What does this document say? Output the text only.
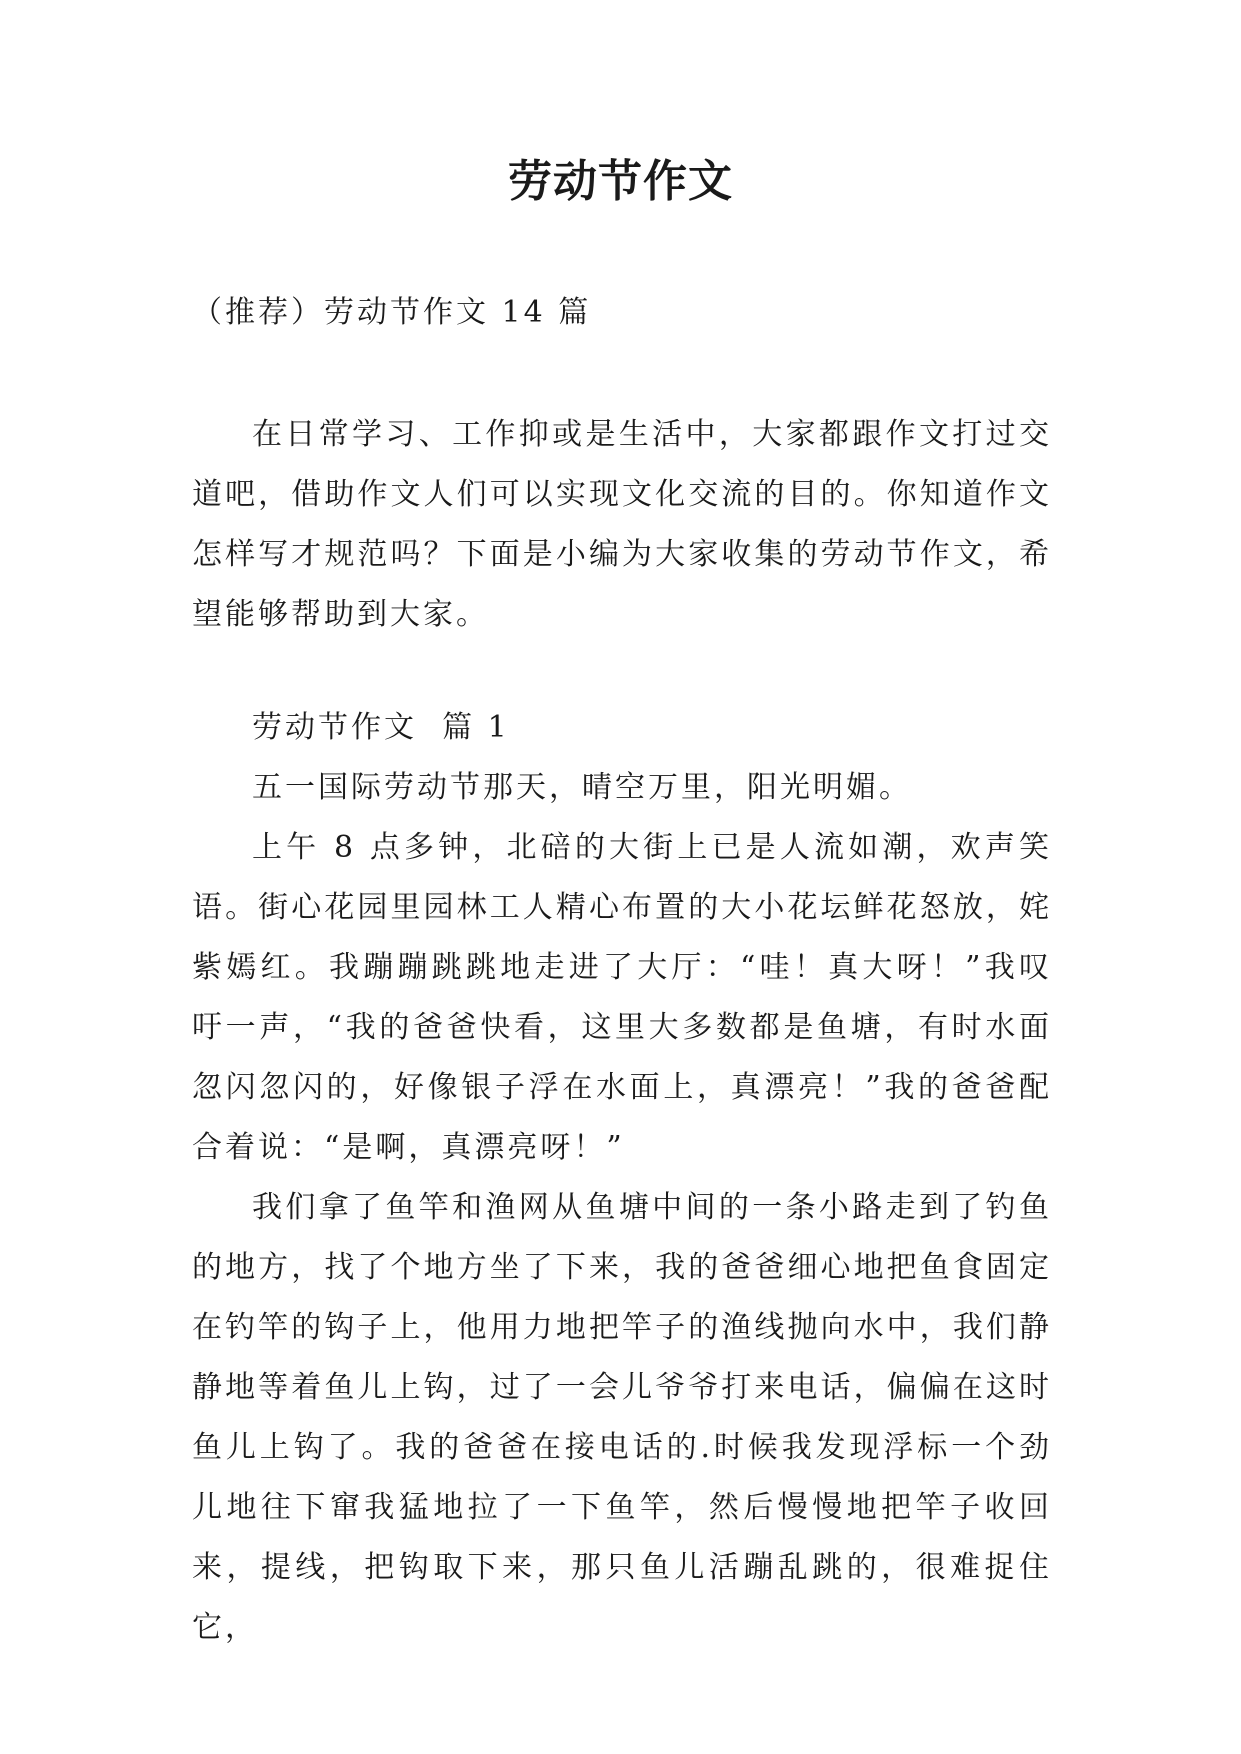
劳动节作文
（推荐）劳动节作文 14 篇

在日常学习、工作抑或是生活中，大家都跟作文打过交道吧，借助作文人们可以实现文化交流的目的。你知道作文怎样写才规范吗？下面是小编为大家收集的劳动节作文，希望能够帮助到大家。

劳动节作文  篇 1

五一国际劳动节那天，晴空万里，阳光明媚。

上午 8 点多钟，北碚的大街上已是人流如潮，欢声笑语。街心花园里园林工人精心布置的大小花坛鲜花怒放，姹紫嫣红。我蹦蹦跳跳地走进了大厅：“哇！真大呀！”我叹吁一声，“我的爸爸快看，这里大多数都是鱼塘，有时水面忽闪忽闪的，好像银子浮在水面上，真漂亮！”我的爸爸配合着说：“是啊，真漂亮呀！”

我们拿了鱼竿和渔网从鱼塘中间的一条小路走到了钓鱼的地方，找了个地方坐了下来，我的爸爸细心地把鱼食固定在钓竿的钩子上，他用力地把竿子的渔线抛向水中，我们静静地等着鱼儿上钩，过了一会儿爷爷打来电话，偏偏在这时鱼儿上钩了。我的爸爸在接电话的.时候我发现浮标一个劲儿地往下窜我猛地拉了一下鱼竿，然后慢慢地把竿子收回来，提线，把钩取下来，那只鱼儿活蹦乱跳的，很难捉住它，
